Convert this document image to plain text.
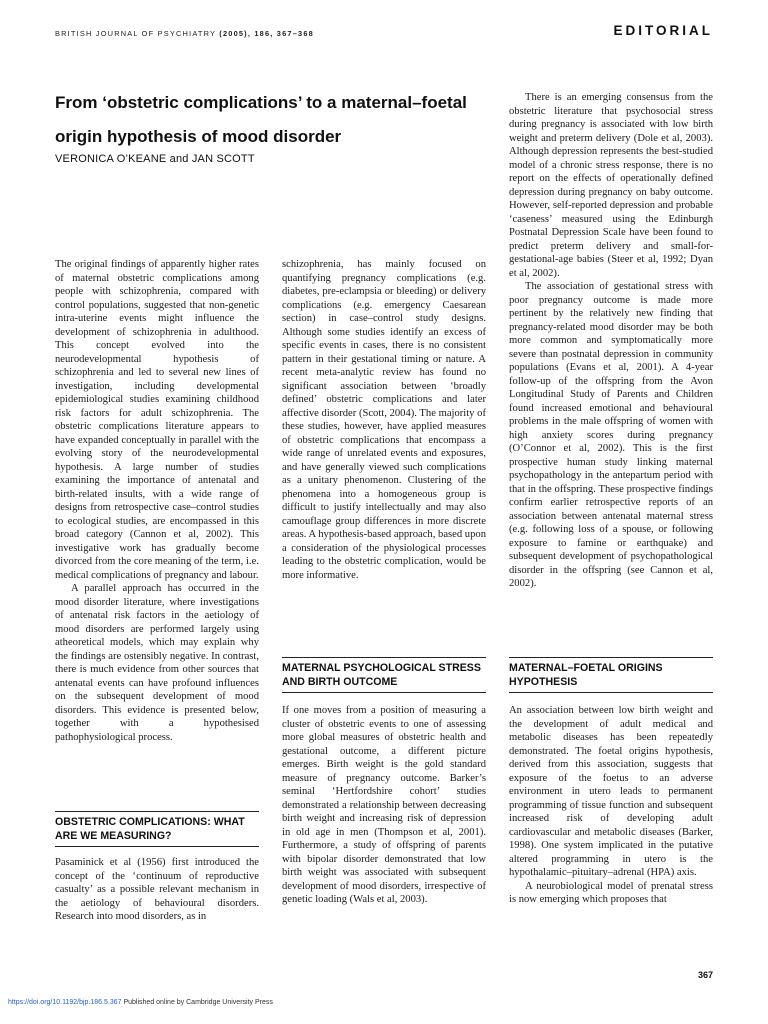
BRITISH JOURNAL OF PSYCHIATRY (2005), 186, 367–368	EDITORIAL
From ‘obstetric complications’ to a maternal–foetal origin hypothesis of mood disorder
VERONICA O’KEANE and JAN SCOTT

The original findings of apparently higher rates of maternal obstetric complications among people with schizophrenia, compared with control populations, suggested that non-genetic intra-uterine events might influence the development of schizophrenia in adulthood. This concept evolved into the neurodevelopmental hypothesis of schizophrenia and led to several new lines of investigation, including developmental epidemiological studies examining childhood risk factors for adult schizophrenia. The obstetric complications literature appears to have expanded conceptually in parallel with the evolving story of the neurodevelopmental hypothesis. A large number of studies examining the importance of antenatal and birth-related insults, with a wide range of designs from retrospective case–control studies to ecological studies, are encompassed in this broad category (Cannon et al, 2002). This investigative work has gradually become divorced from the core meaning of the term, i.e. medical complications of pregnancy and labour.

A parallel approach has occurred in the mood disorder literature, where investigations of antenatal risk factors in the aetiology of mood disorders are performed largely using atheoretical models, which may explain why the findings are ostensibly negative. In contrast, there is much evidence from other sources that antenatal events can have profound influences on the subsequent development of mood disorders. This evidence is presented below, together with a hypothesised pathophysiological process.

OBSTETRIC COMPLICATIONS: WHAT ARE WE MEASURING?

Pasaminick et al (1956) first introduced the concept of the ‘continuum of reproductive casualty’ as a possible relevant mechanism in the aetiology of behavioural disorders. Research into mood disorders, as in

schizophrenia, has mainly focused on quantifying pregnancy complications (e.g. diabetes, pre-eclampsia or bleeding) or delivery complications (e.g. emergency Caesarean section) in case–control study designs. Although some studies identify an excess of specific events in cases, there is no consistent pattern in their gestational timing or nature. A recent meta-analytic review has found no significant association between ‘broadly defined’ obstetric complications and later affective disorder (Scott, 2004). The majority of these studies, however, have applied measures of obstetric complications that encompass a wide range of unrelated events and exposures, and have generally viewed such complications as a unitary phenomenon. Clustering of the phenomena into a homogeneous group is difficult to justify intellectually and may also camouflage group differences in more discrete areas. A hypothesis-based approach, based upon a consideration of the physiological processes leading to the obstetric complication, would be more informative.

MATERNAL PSYCHOLOGICAL STRESS AND BIRTH OUTCOME

If one moves from a position of measuring a cluster of obstetric events to one of assessing more global measures of obstetric health and gestational outcome, a different picture emerges. Birth weight is the gold standard measure of pregnancy outcome. Barker’s seminal ‘Hertfordshire cohort’ studies demonstrated a relationship between decreasing birth weight and increasing risk of depression in old age in men (Thompson et al, 2001). Furthermore, a study of offspring of parents with bipolar disorder demonstrated that low birth weight was associated with subsequent development of mood disorders, irrespective of genetic loading (Wals et al, 2003).

There is an emerging consensus from the obstetric literature that psychosocial stress during pregnancy is associated with low birth weight and preterm delivery (Dole et al, 2003). Although depression represents the best-studied model of a chronic stress response, there is no report on the effects of operationally defined depression during pregnancy on baby outcome. However, self-reported depression and probable ‘caseness’ measured using the Edinburgh Postnatal Depression Scale have been found to predict preterm delivery and small-for-gestational-age babies (Steer et al, 1992; Dyan et al, 2002).

The association of gestational stress with poor pregnancy outcome is made more pertinent by the relatively new finding that pregnancy-related mood disorder may be both more common and symptomatically more severe than postnatal depression in community populations (Evans et al, 2001). A 4-year follow-up of the offspring from the Avon Longitudinal Study of Parents and Children found increased emotional and behavioural problems in the male offspring of women with high anxiety scores during pregnancy (O’Connor et al, 2002). This is the first prospective human study linking maternal psychopathology in the antepartum period with that in the offspring. These prospective findings confirm earlier retrospective reports of an association between antenatal maternal stress (e.g. following loss of a spouse, or following exposure to famine or earthquake) and subsequent development of psychopathological disorder in the offspring (see Cannon et al, 2002).

MATERNAL–FOETAL ORIGINS HYPOTHESIS

An association between low birth weight and the development of adult medical and metabolic diseases has been repeatedly demonstrated. The foetal origins hypothesis, derived from this association, suggests that exposure of the foetus to an adverse environment in utero leads to permanent programming of tissue function and subsequent increased risk of developing adult cardiovascular and metabolic diseases (Barker, 1998). One system implicated in the putative altered programming in utero is the hypothalamic–pituitary–adrenal (HPA) axis.

A neurobiological model of prenatal stress is now emerging which proposes that

367
https://doi.org/10.1192/bjp.186.5.367 Published online by Cambridge University Press
